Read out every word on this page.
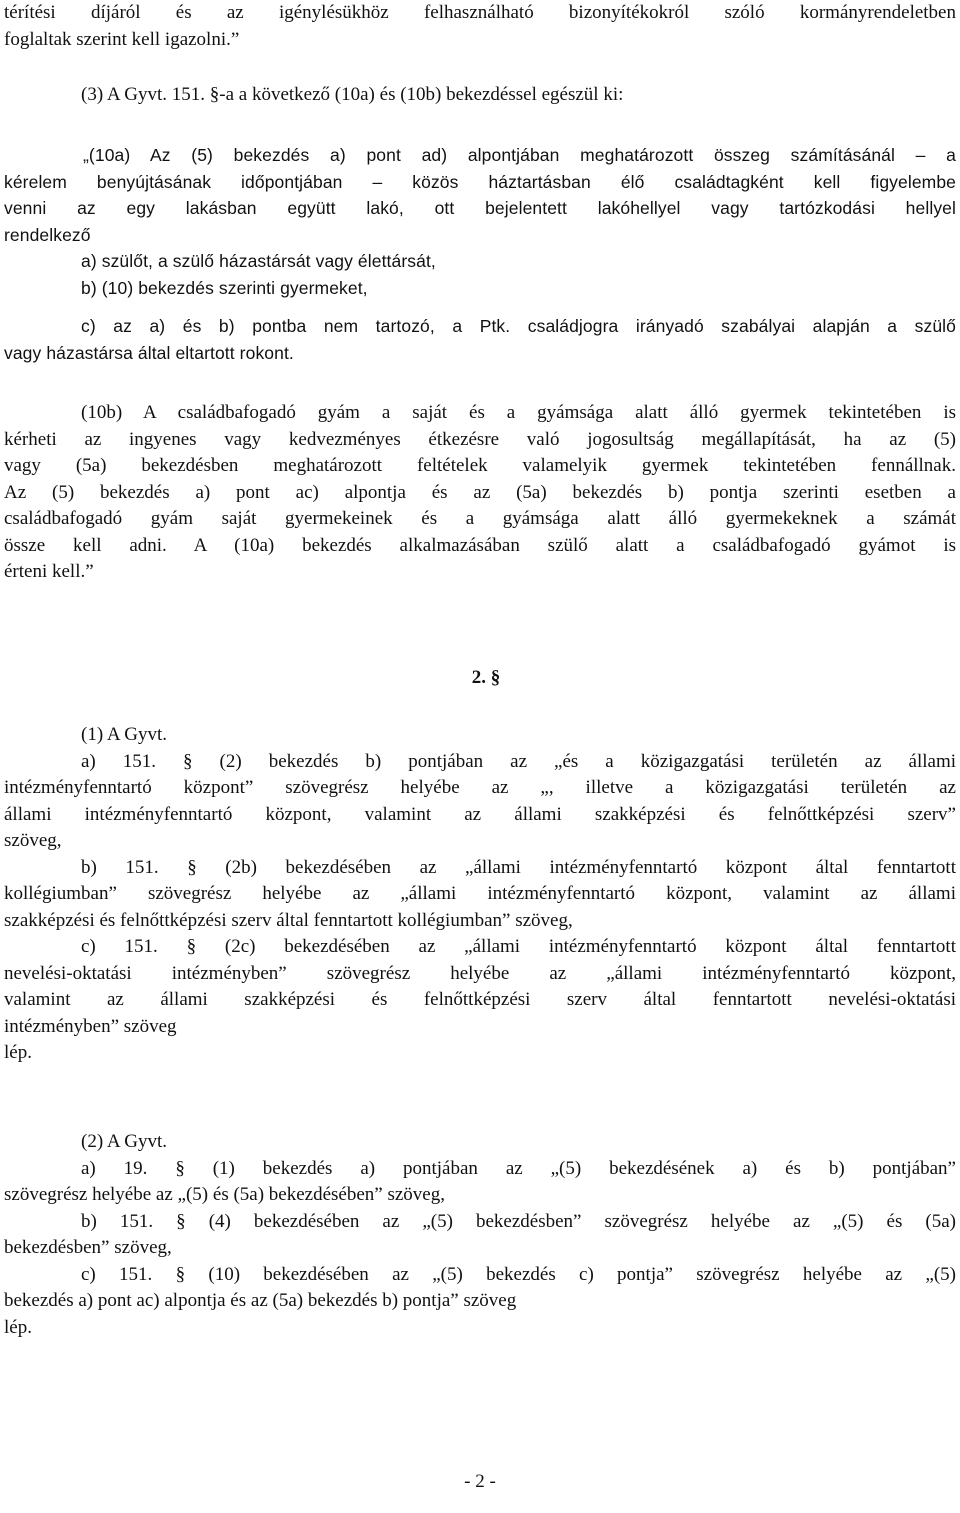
térítési díjáról és az igénylésükhöz felhasználható bizonyítékokról szóló kormányrendeletben
foglaltak szerint kell igazolni.”
(3) A Gyvt. 151. §-a a következő (10a) és (10b) bekezdéssel egészül ki:
„(10a) Az (5) bekezdés a) pont ad) alpontjában meghatározott összeg számításánál – a
kérelem benyújtásának időpontjában – közös háztartásban élő családtagként kell figyelembe
venni az egy lakásban együtt lakó, ott bejelentett lakóhellyel vagy tartózkodási hellyel
rendelkező
a) szülőt, a szülő házastársát vagy élettársát,
b) (10) bekezdés szerinti gyermeket,
c) az a) és b) pontba nem tartozó, a Ptk. családjogra irányadó szabályai alapján a szülő
vagy házastársa által eltartott rokont.
(10b) A családbafogadó gyám a saját és a gyámsága alatt álló gyermek tekintetében is
kérheti az ingyenes vagy kedvezményes étkezésre való jogosultság megállapítását, ha az (5)
vagy (5a) bekezdésben meghatározott feltételek valamelyik gyermek tekintetében fennállnak.
Az (5) bekezdés a) pont ac) alpontja és az (5a) bekezdés b) pontja szerinti esetben a
családbafogadó gyám saját gyermekeinek és a gyámsága alatt álló gyermekeknek a számát
össze kell adni. A (10a) bekezdés alkalmazásában szülő alatt a családbafogadó gyámot is
érteni kell.”
2. §
(1) A Gyvt.
a) 151. § (2) bekezdés b) pontjában az „és a közigazgatási területén az állami
intézményfenntartó központ” szövegrész helyébe az „, illetve a közigazgatási területén az
állami intézményfenntartó központ, valamint az állami szakképzési és felnőttképzési szerv”
szöveg,
b) 151. § (2b) bekezdésében az „állami intézményfenntartó központ által fenntartott
kollégiumban” szövegrész helyébe az „állami intézményfenntartó központ, valamint az állami
szakképzési és felnőttképzési szerv által fenntartott kollégiumban” szöveg,
c) 151. § (2c) bekezdésében az „állami intézményfenntartó központ által fenntartott
nevelési-oktatási intézményben” szövegrész helyébe az „állami intézményfenntartó központ,
valamint az állami szakképzési és felnőttképzési szerv által fenntartott nevelési-oktatási
intézményben” szöveg
lép.
(2) A Gyvt.
a) 19. § (1) bekezdés a) pontjában az „(5) bekezdésének a) és b) pontjában”
szövegrész helyébe az „(5) és (5a) bekezdésében” szöveg,
b) 151. § (4) bekezdésében az „(5) bekezdésben” szövegrész helyébe az „(5) és (5a)
bekezdésben” szöveg,
c) 151. § (10) bekezdésében az „(5) bekezdés c) pontja” szövegrész helyébe az „(5)
bekezdés a) pont ac) alpontja és az (5a) bekezdés b) pontja” szöveg
lép.
- 2 -
